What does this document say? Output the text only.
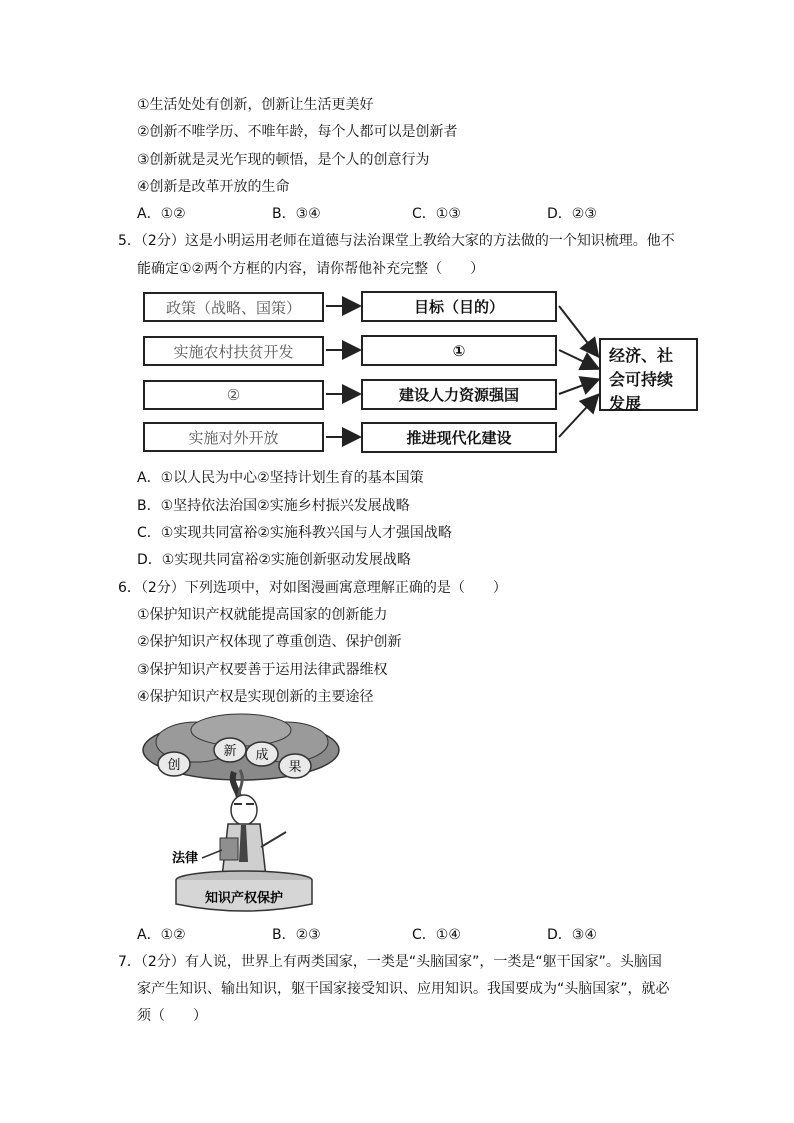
①生活处处有创新，创新让生活更美好
②创新不唯学历、不唯年龄，每个人都可以是创新者
③创新就是灵光乍现的顿悟，是个人的创意行为
④创新是改革开放的生命
A．①②	B．③④	C．①③	D．②③
5．（2分）这是小明运用老师在道德与法治课堂上教给大家的方法做的一个知识梳理。他不
能确定①②两个方框的内容，请你帮他补充完整（　　）
政策（战略、国策）
实施农村扶贫开发
②
实施对外开放
目标（目的）
①
建设人力资源强国
推进现代化建设
经济、社
会可持续
发展
A．①以人民为中心②坚持计划生育的基本国策
B．①坚持依法治国②实施乡村振兴发展战略
C．①实现共同富裕②实施科教兴国与人才强国战略
D．①实现共同富裕②实施创新驱动发展战略
6．（2分）下列选项中，对如图漫画寓意理解正确的是（　　）
①保护知识产权就能提高国家的创新能力
②保护知识产权体现了尊重创造、保护创新
③保护知识产权要善于运用法律武器维权
④保护知识产权是实现创新的主要途径
创
新 成
果
法律
知识产权保护
A．①②	B．②③	C．①④	D．③④
7．（2分）有人说，世界上有两类国家，一类是“头脑国家”，一类是“躯干国家”。头脑国
家产生知识、输出知识，躯干国家接受知识、应用知识。我国要成为“头脑国家”，就必
须（　　）
